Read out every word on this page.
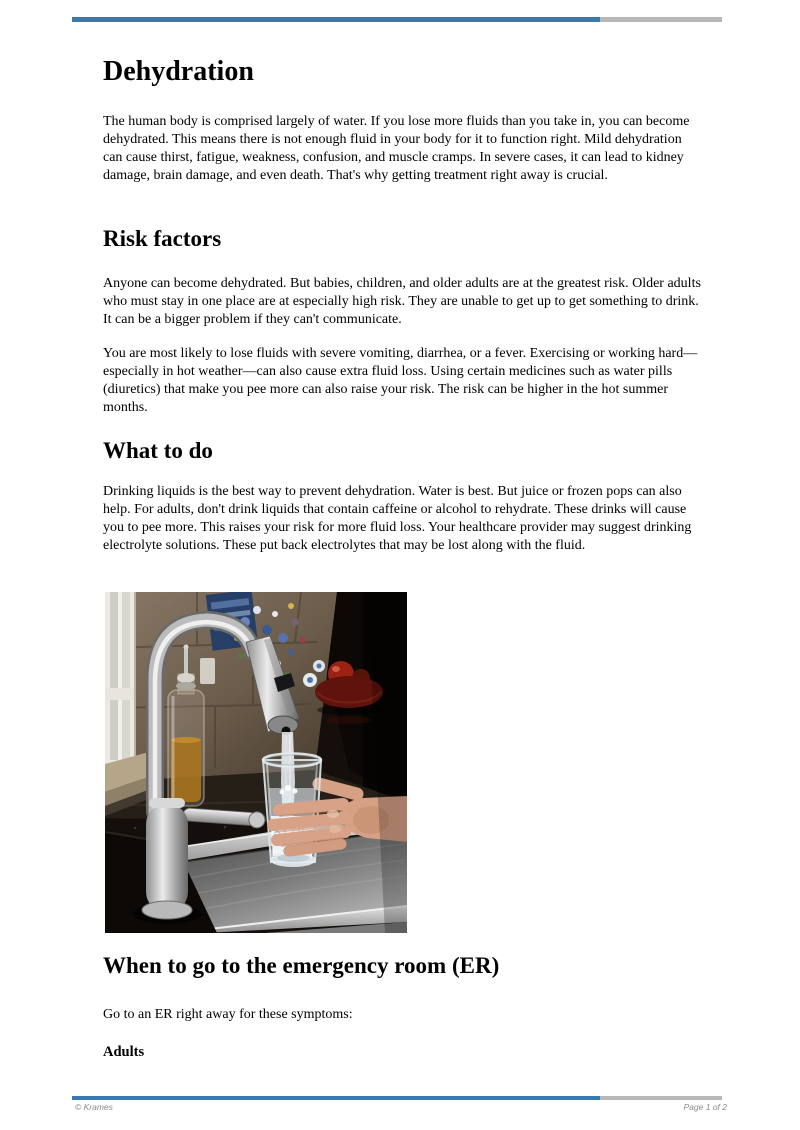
Dehydration

The human body is comprised largely of water. If you lose more fluids than you take in, you can become dehydrated. This means there is not enough fluid in your body for it to function right. Mild dehydration can cause thirst, fatigue, weakness, confusion, and muscle cramps. In severe cases, it can lead to kidney damage, brain damage, and even death. That's why getting treatment right away is crucial.

Risk factors

Anyone can become dehydrated. But babies, children, and older adults are at the greatest risk. Older adults who must stay in one place are at especially high risk. They are unable to get up to get something to drink. It can be a bigger problem if they can't communicate.

You are most likely to lose fluids with severe vomiting, diarrhea, or a fever. Exercising or working hard—especially in hot weather—can also cause extra fluid loss. Using certain medicines such as water pills (diuretics) that make you pee more can also raise your risk. The risk can be higher in the hot summer months.

What to do

Drinking liquids is the best way to prevent dehydration. Water is best. But juice or frozen pops can also help. For adults, don't drink liquids that contain caffeine or alcohol to rehydrate. These drinks will cause you to pee more. This raises your risk for more fluid loss. Your healthcare provider may suggest drinking electrolyte solutions. These put back electrolytes that may be lost along with the fluid.

When to go to the emergency room (ER)

Go to an ER right away for these symptoms:

Adults
© Krames	Page 1 of 2
